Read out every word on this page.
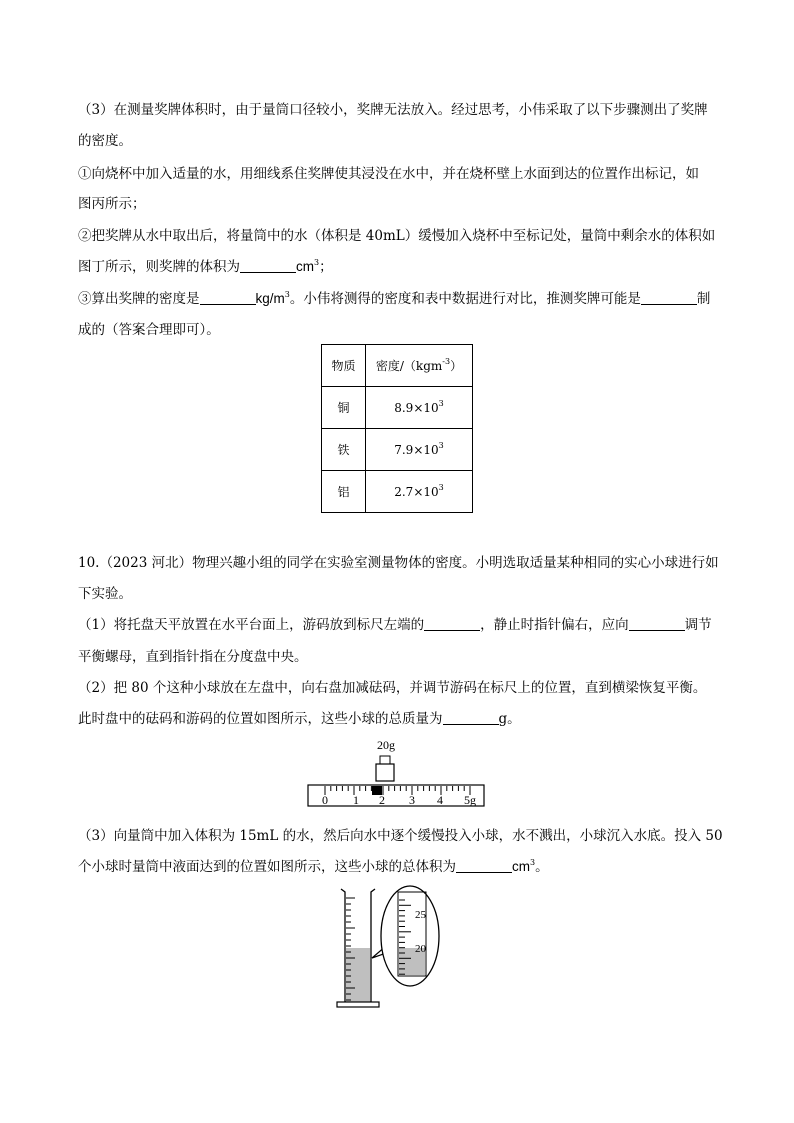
（3）在测量奖牌体积时，由于量筒口径较小，奖牌无法放入。经过思考，小伟采取了以下步骤测出了奖牌
的密度。
①向烧杯中加入适量的水，用细线系住奖牌使其浸没在水中，并在烧杯壁上水面到达的位置作出标记，如
图丙所示；
②把奖牌从水中取出后，将量筒中的水（体积是 40mL）缓慢加入烧杯中至标记处，量筒中剩余水的体积如
图丁所示，则奖牌的体积为	$cm^3$；
③算出奖牌的密度是	$kg/m^3$。小伟将测得的密度和表中数据进行对比，推测奖牌可能是	制
成的（答案合理即可）。
物质	密度/（kgm$^{-3}$）
铜	$8.9\times 10^3$
铁	$7.9\times 10^3$
铝	$2.7\times 10^3$
10.（2023 河北）物理兴趣小组的同学在实验室测量物体的密度。小明选取适量某种相同的实心小球进行如
下实验。
（1）将托盘天平放置在水平台面上，游码放到标尺左端的	，静止时指针偏右，应向	调节
平衡螺母，直到指针指在分度盘中央。
（2）把 80 个这种小球放在左盘中，向右盘加减砝码，并调节游码在标尺上的位置，直到横梁恢复平衡。
此时盘中的砝码和游码的位置如图所示，这些小球的总质量为	g。
20g
0 1 2 3 4 5g
（3）向量筒中加入体积为 15mL 的水，然后向水中逐个缓慢投入小球，水不溅出，小球沉入水底。投入 50
个小球时量筒中液面达到的位置如图所示，这些小球的总体积为	$cm^3$。
25
20
